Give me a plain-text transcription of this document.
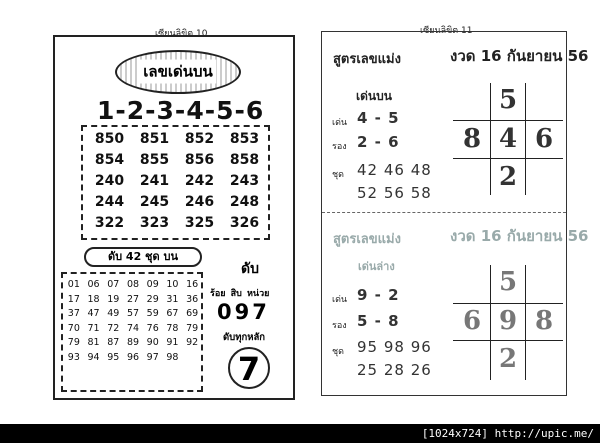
เซียนลิขิต 10
เลขเด่นบน
1-2-3-4-5-6
850	851	852	853
854	855	856	858
240	241	242	243
244	245	246	248
322	323	325	326
ดับ 42 ชุด บน
01 06 07 08 09 10 16
17 18 19 27 29 31 36
37 47 49 57 59 67 69
70 71 72 74 76 78 79
79 81 87 89 90 91 92
93 94 95 96 97 98
ดับ
ร้อย สิบ หน่วย
097
ดับทุกหลัก
7
เซียนลิขิต 11
สูตรเลขแม่ง	งวด 16 กันยายน 56
เด่นบน
เด่น 4 - 5
รอง 2 - 6
ชุด 42 46 48
52 56 58
5
8 4 6
2
สูตรเลขแม่ง	งวด 16 กันยายน 56
เด่นล่าง
เด่น 9 - 2
รอง 5 - 8
ชุด 95 98 96
25 28 26
5
6 9 8
2
[1024x724] http://upic.me/
